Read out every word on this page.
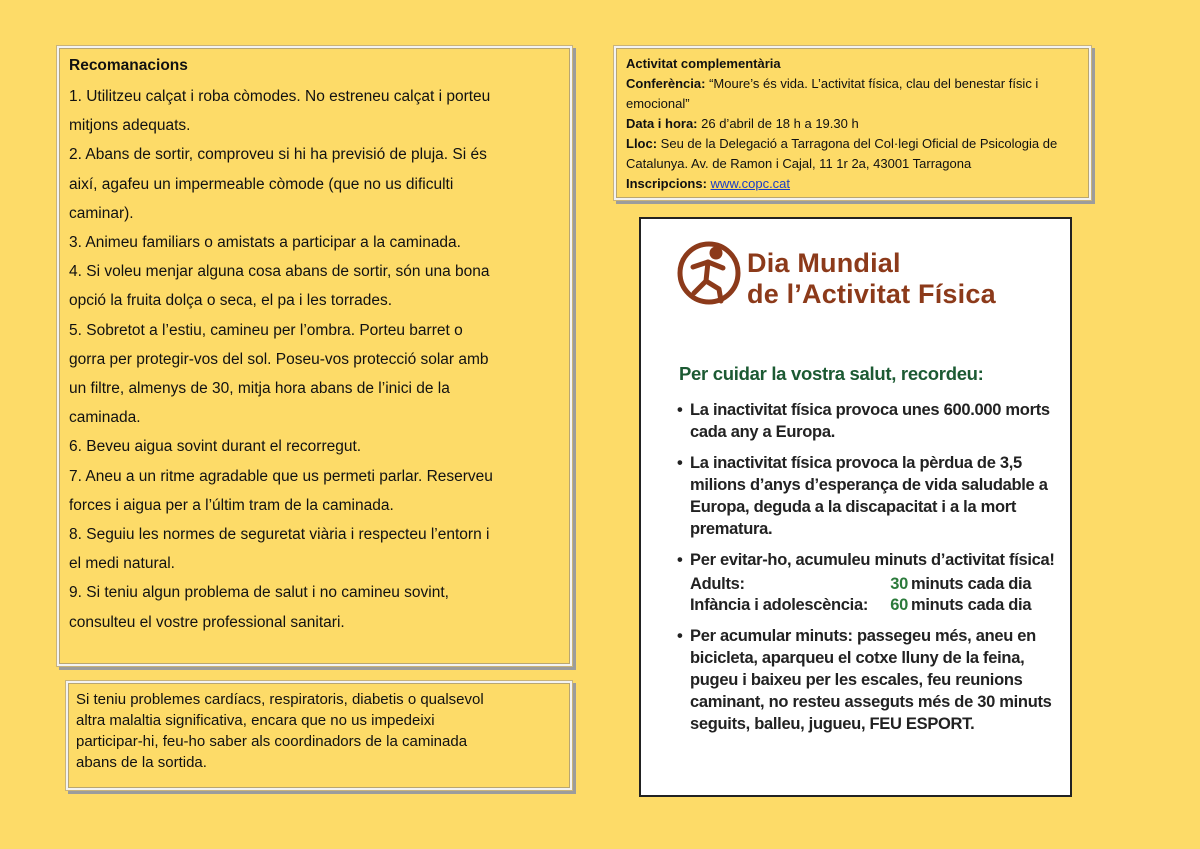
Recomanacions
1. Utilitzeu calçat i roba còmodes. No estreneu calçat i porteu
mitjons adequats.
2. Abans de sortir, comproveu si hi ha previsió de pluja. Si és
així, agafeu un impermeable còmode (que no us dificulti
caminar).
3. Animeu familiars o amistats a participar a la caminada.
4. Si voleu menjar alguna cosa abans de sortir, són una bona
opció la fruita dolça o seca, el pa i les torrades.
5. Sobretot a l’estiu, camineu per l’ombra. Porteu barret o
gorra per protegir-vos del sol. Poseu-vos protecció solar amb
un filtre, almenys de 30, mitja hora abans de l’inici de la
caminada.
6. Beveu aigua sovint durant el recorregut.
7. Aneu a un ritme agradable que us permeti parlar. Reserveu
forces i aigua per a l’últim tram de la caminada.
8. Seguiu les normes de seguretat viària i respecteu l’entorn i
el medi natural.
9. Si teniu algun problema de salut i no camineu sovint,
consulteu el vostre professional sanitari.
Si teniu problemes cardíacs, respiratoris, diabetis o qualsevol
altra malaltia significativa, encara que no us impedeixi
participar-hi, feu-ho saber als coordinadors de la caminada
abans de la sortida.
Activitat complementària
Conferència: “Moure’s és vida. L’activitat física, clau del benestar físic i
emocional”
Data i hora: 26 d’abril de 18 h a 19.30 h
Lloc: Seu de la Delegació a Tarragona del Col·legi Oficial de Psicologia de
Catalunya. Av. de Ramon i Cajal, 11 1r 2a, 43001 Tarragona
Inscripcions: www.copc.cat
Dia Mundial
de l’Activitat Física
Per cuidar la vostra salut, recordeu:
• La inactivitat física provoca unes 600.000 morts cada any a Europa.
• La inactivitat física provoca la pèrdua de 3,5 milions d’anys d’esperança de vida saludable a Europa, deguda a la discapacitat i a la mort prematura.
• Per evitar-ho, acumuleu minuts d’activitat física!
Adults:	30 minuts cada dia
Infància i adolescència:	60 minuts cada dia
• Per acumular minuts: passegeu més, aneu en bicicleta, aparqueu el cotxe lluny de la feina, pugeu i baixeu per les escales, feu reunions caminant, no resteu asseguts més de 30 minuts seguits, balleu, jugueu, FEU ESPORT.
